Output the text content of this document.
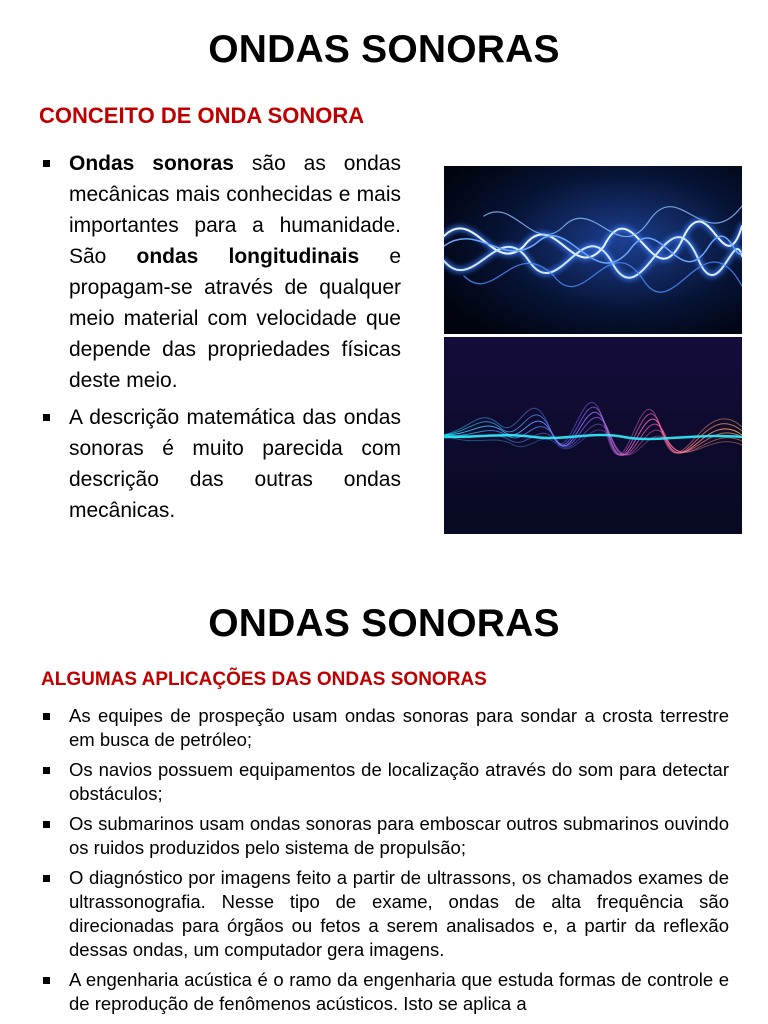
ONDAS SONORAS
CONCEITO DE ONDA SONORA
Ondas sonoras são as ondas mecânicas mais conhecidas e mais importantes para a humanidade. São ondas longitudinais e propagam-se através de qualquer meio material com velocidade que depende das propriedades físicas deste meio.
A descrição matemática das ondas sonoras é muito parecida com descrição das outras ondas mecânicas.
ONDAS SONORAS
ALGUMAS APLICAÇÕES DAS ONDAS SONORAS
As equipes de prospeção usam ondas sonoras para sondar a crosta terrestre em busca de petróleo;
Os navios possuem equipamentos de localização através do som para detectar obstáculos;
Os submarinos usam ondas sonoras para emboscar outros submarinos ouvindo os ruidos produzidos pelo sistema de propulsão;
O diagnóstico por imagens feito a partir de ultrassons, os chamados exames de ultrassonografia. Nesse tipo de exame, ondas de alta frequência são direcionadas para órgãos ou fetos a serem analisados e, a partir da reflexão dessas ondas, um computador gera imagens.
A engenharia acústica é o ramo da engenharia que estuda formas de controle e de reprodução de fenômenos acústicos. Isto se aplica a
